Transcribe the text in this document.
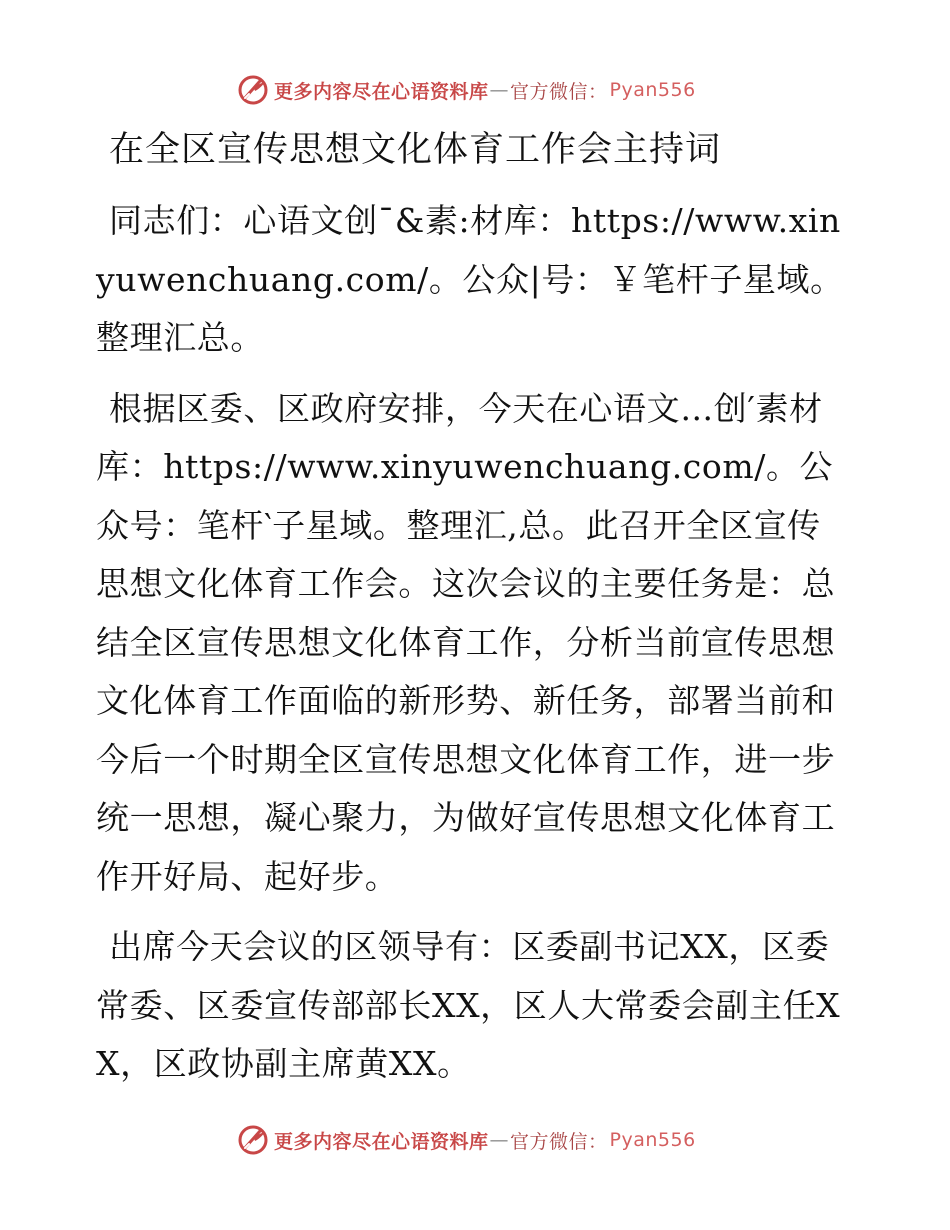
更多内容尽在心语资料库 — 官方微信： Pyan556
在全区宣传思想文化体育工作会主持词

同志们：心语文创¯&素:材库：https://www.xinyuwenchuang.com/。公众|号：￥笔杆子星域。整理汇总。

根据区委、区政府安排，今天在心语文…创′素材库：https://www.xinyuwenchuang.com/。公众号：笔杆‵子星域。整理汇,总。此召开全区宣传思想文化体育工作会。这次会议的主要任务是：总结全区宣传思想文化体育工作，分析当前宣传思想文化体育工作面临的新形势、新任务，部署当前和今后一个时期全区宣传思想文化体育工作，进一步统一思想，凝心聚力，为做好宣传思想文化体育工作开好局、起好步。

出席今天会议的区领导有：区委副书记XX，区委常委、区委宣传部部长XX，区人大常委会副主任XX，区政协副主席黄XX。

更多内容尽在心语资料库 — 官方微信： Pyan556
